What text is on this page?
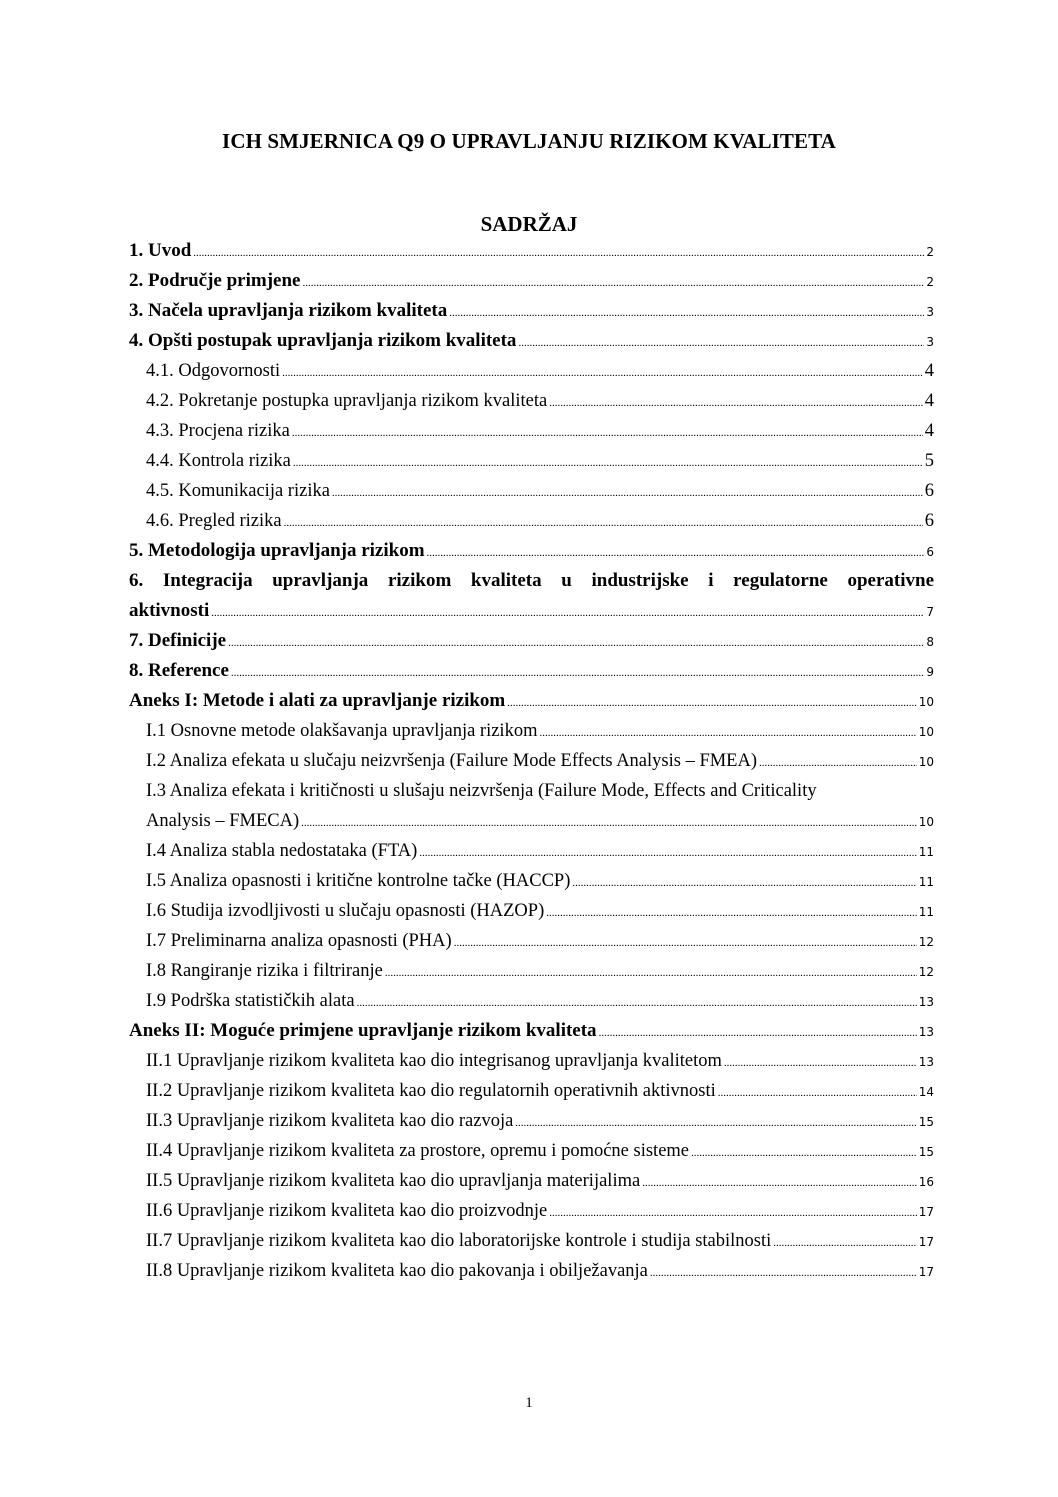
ICH SMJERNICA Q9 O UPRAVLJANJU RIZIKOM KVALITETA
SADRŽAJ
1. Uvod .....	2
2. Područje primjene .....	2
3. Načela upravljanja rizikom kvaliteta .....	3
4. Opšti postupak upravljanja rizikom kvaliteta .....	3
4.1. Odgovornosti .....	4
4.2. Pokretanje postupka upravljanja rizikom kvaliteta .....	4
4.3. Procjena rizika .....	4
4.4. Kontrola rizika .....	5
4.5. Komunikacija rizika .....	6
4.6. Pregled rizika .....	6
5. Metodologija upravljanja rizikom .....	6
6. Integracija upravljanja rizikom kvaliteta u industrijske i regulatorne operativne
aktivnosti .....	7
7. Definicije .....	8
8. Reference .....	9
Aneks I: Metode i alati za upravljanje rizikom .....	10
I.1 Osnovne metode olakšavanja upravljanja rizikom .....	10
I.2 Analiza efekata u slučaju neizvršenja (Failure Mode Effects Analysis – FMEA) .....	10
I.3 Analiza efekata i kritičnosti u slušaju neizvršenja (Failure Mode, Effects and Criticality
Analysis – FMECA) .....	10
I.4 Analiza stabla nedostataka (FTA) .....	11
I.5 Analiza opasnosti i kritične kontrolne tačke (HACCP) .....	11
I.6 Studija izvodljivosti u slučaju opasnosti (HAZOP) .....	11
I.7 Preliminarna analiza opasnosti (PHA) .....	12
I.8 Rangiranje rizika i filtriranje .....	12
I.9 Podrška statističkih alata .....	13
Aneks II: Moguće primjene upravljanje rizikom kvaliteta .....	13
II.1 Upravljanje rizikom kvaliteta kao dio integrisanog upravljanja kvalitetom .....	13
II.2 Upravljanje rizikom kvaliteta kao dio regulatornih operativnih aktivnosti .....	14
II.3 Upravljanje rizikom kvaliteta kao dio razvoja .....	15
II.4 Upravljanje rizikom kvaliteta za prostore, opremu i pomoćne sisteme .....	15
II.5 Upravljanje rizikom kvaliteta kao dio upravljanja materijalima .....	16
II.6 Upravljanje rizikom kvaliteta kao dio proizvodnje .....	17
II.7 Upravljanje rizikom kvaliteta kao dio laboratorijske kontrole i studija stabilnosti .....	17
II.8 Upravljanje rizikom kvaliteta kao dio pakovanja i obilježavanja .....	17
1
